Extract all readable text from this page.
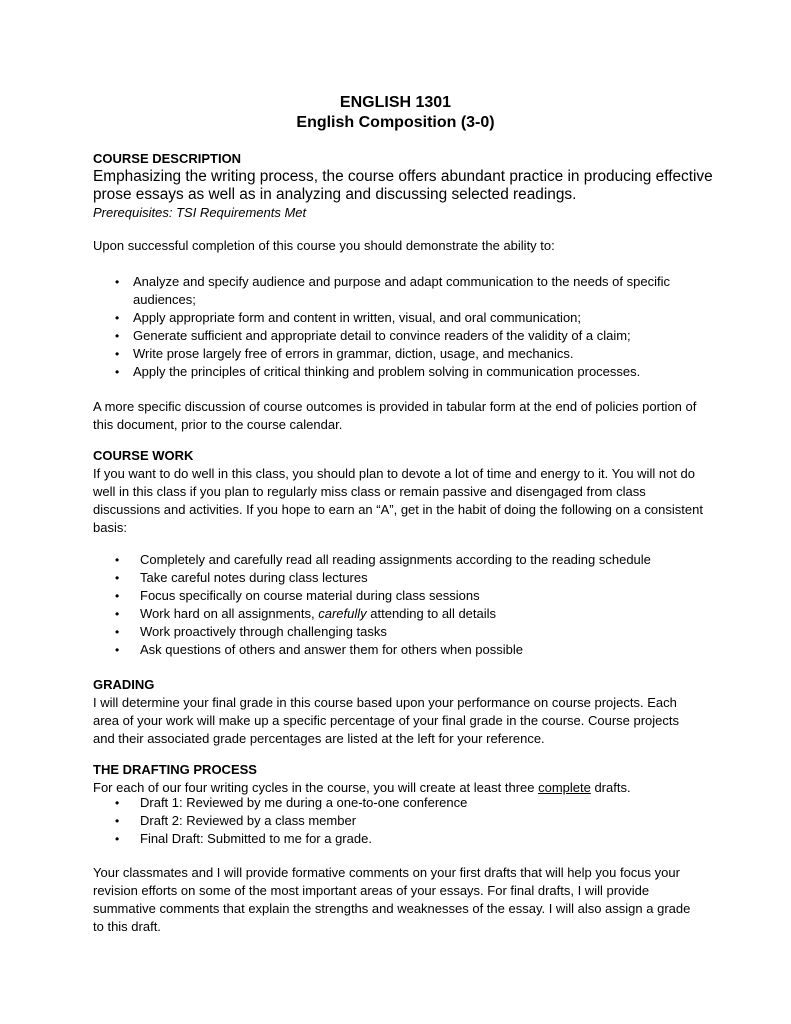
ENGLISH 1301
English Composition (3-0)
COURSE DESCRIPTION
Emphasizing the writing process, the course offers abundant practice in producing effective
prose essays as well as in analyzing and discussing selected readings.
Prerequisites: TSI Requirements Met
Upon successful completion of this course you should demonstrate the ability to:
• Analyze and specify audience and purpose and adapt communication to the needs of specific audiences;
• Apply appropriate form and content in written, visual, and oral communication;
• Generate sufficient and appropriate detail to convince readers of the validity of a claim;
• Write prose largely free of errors in grammar, diction, usage, and mechanics.
• Apply the principles of critical thinking and problem solving in communication processes.
A more specific discussion of course outcomes is provided in tabular form at the end of policies portion of this document, prior to the course calendar.
COURSE WORK
If you want to do well in this class, you should plan to devote a lot of time and energy to it. You will not do well in this class if you plan to regularly miss class or remain passive and disengaged from class discussions and activities. If you hope to earn an “A”, get in the habit of doing the following on a consistent basis:
• Completely and carefully read all reading assignments according to the reading schedule
• Take careful notes during class lectures
• Focus specifically on course material during class sessions
• Work hard on all assignments, carefully attending to all details
• Work proactively through challenging tasks
• Ask questions of others and answer them for others when possible
GRADING
I will determine your final grade in this course based upon your performance on course projects. Each area of your work will make up a specific percentage of your final grade in the course. Course projects and their associated grade percentages are listed at the left for your reference.
THE DRAFTING PROCESS
For each of our four writing cycles in the course, you will create at least three complete drafts.
• Draft 1: Reviewed by me during a one-to-one conference
• Draft 2: Reviewed by a class member
• Final Draft: Submitted to me for a grade.
Your classmates and I will provide formative comments on your first drafts that will help you focus your revision efforts on some of the most important areas of your essays. For final drafts, I will provide summative comments that explain the strengths and weaknesses of the essay. I will also assign a grade to this draft.
